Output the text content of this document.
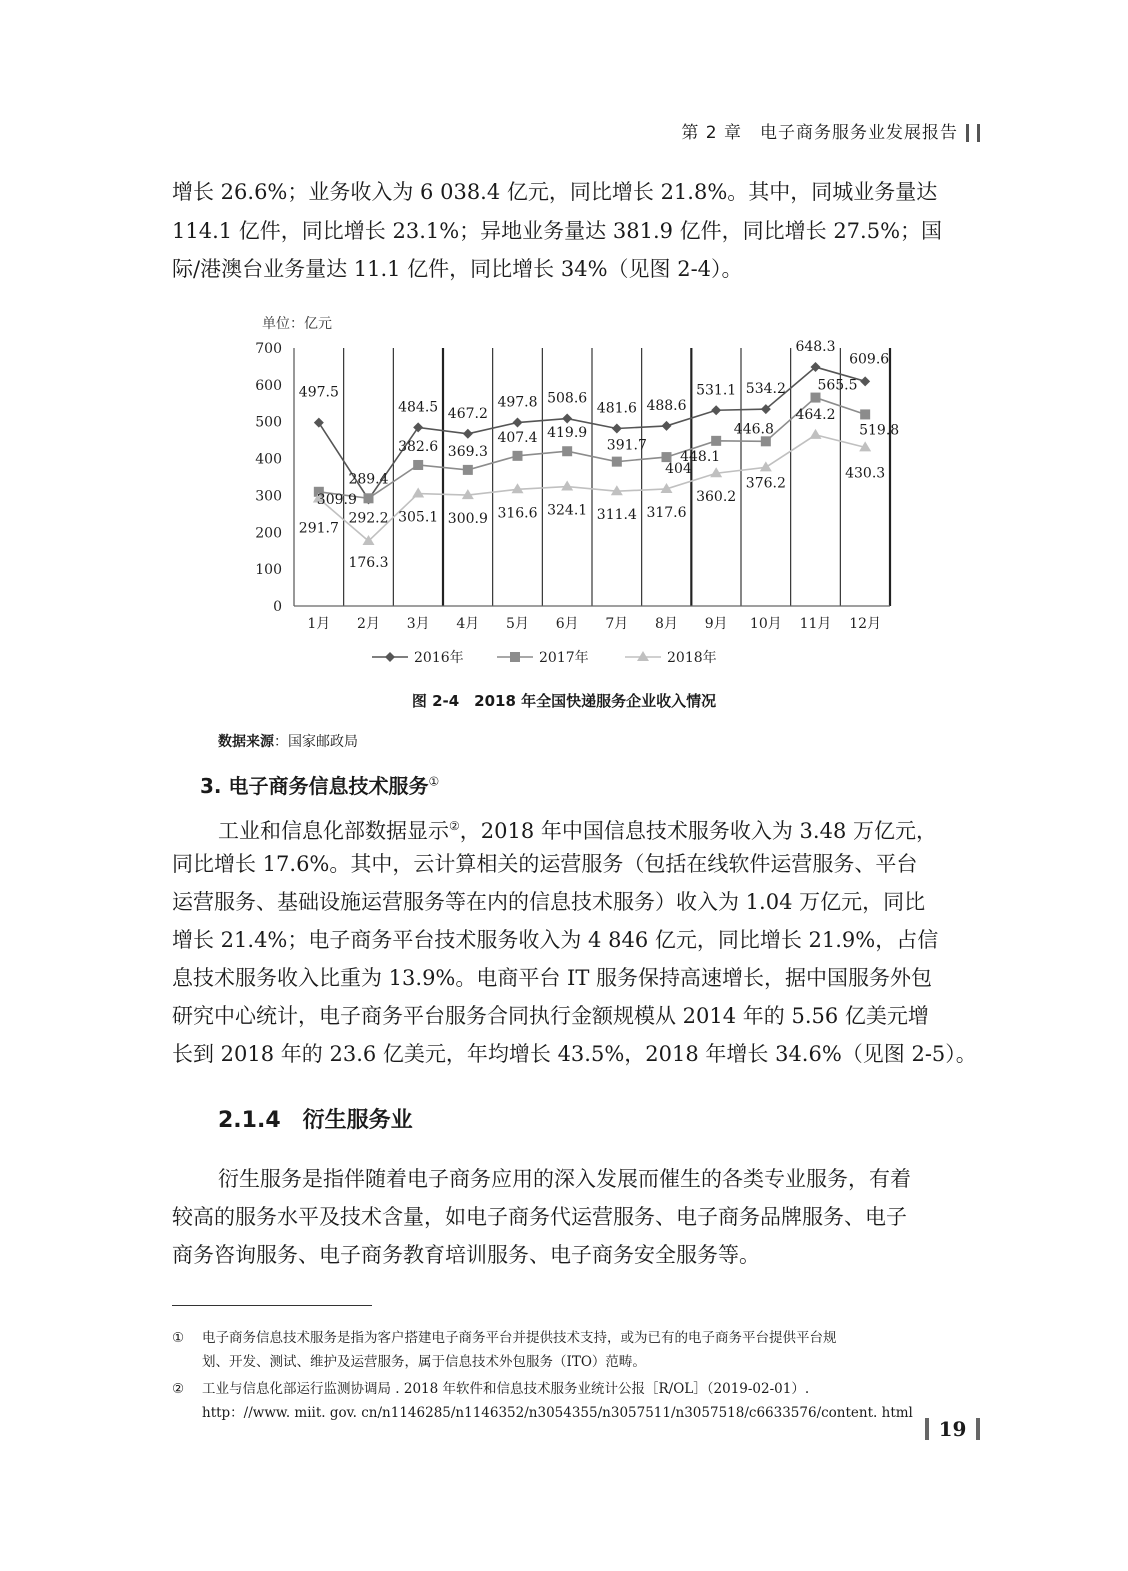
第 2 章　电子商务服务业发展报告
增长 26.6%；业务收入为 6 038.4 亿元，同比增长 21.8%。其中，同城业务量达
114.1 亿件，同比增长 23.1%；异地业务量达 381.9 亿件，同比增长 27.5%；国
际/港澳台业务量达 11.1 亿件，同比增长 34%（见图 2-4）。
单位：亿元
0
100
200
300
400
500
600
700
1月 2月 3月 4月 5月 6月 7月 8月 9月 10月 11月 12月
497.5
289.4
484.5 467.2
497.8 508.6
481.6 488.6
531.1 534.2
648.3
609.6
309.9
292.2
382.6 369.3
407.4 419.9
391.7
404
448.1
446.8
565.5
519.8
291.7
176.3
305.1 300.9 316.6 324.1 311.4 317.6
360.2
376.2
464.2
430.3
2016年	2017年	2018年
图 2-4　2018 年全国快递服务企业收入情况
数据来源：国家邮政局
3. 电子商务信息技术服务①
工业和信息化部数据显示②，2018 年中国信息技术服务收入为 3.48 万亿元，
同比增长 17.6%。其中，云计算相关的运营服务（包括在线软件运营服务、平台
运营服务、基础设施运营服务等在内的信息技术服务）收入为 1.04 万亿元，同比
增长 21.4%；电子商务平台技术服务收入为 4 846 亿元，同比增长 21.9%，占信
息技术服务收入比重为 13.9%。电商平台 IT 服务保持高速增长，据中国服务外包
研究中心统计，电子商务平台服务合同执行金额规模从 2014 年的 5.56 亿美元增
长到 2018 年的 23.6 亿美元，年均增长 43.5%，2018 年增长 34.6%（见图 2-5）。
2.1.4　衍生服务业
衍生服务是指伴随着电子商务应用的深入发展而催生的各类专业服务，有着
较高的服务水平及技术含量，如电子商务代运营服务、电子商务品牌服务、电子
商务咨询服务、电子商务教育培训服务、电子商务安全服务等。
① 电子商务信息技术服务是指为客户搭建电子商务平台并提供技术支持，或为已有的电子商务平台提供平台规
划、开发、测试、维护及运营服务，属于信息技术外包服务（ITO）范畴。
② 工业与信息化部运行监测协调局 . 2018 年软件和信息技术服务业统计公报［R/OL］（2019-02-01）.
http：//www. miit. gov. cn/n1146285/n1146352/n3054355/n3057511/n3057518/c6633576/content. html
19
